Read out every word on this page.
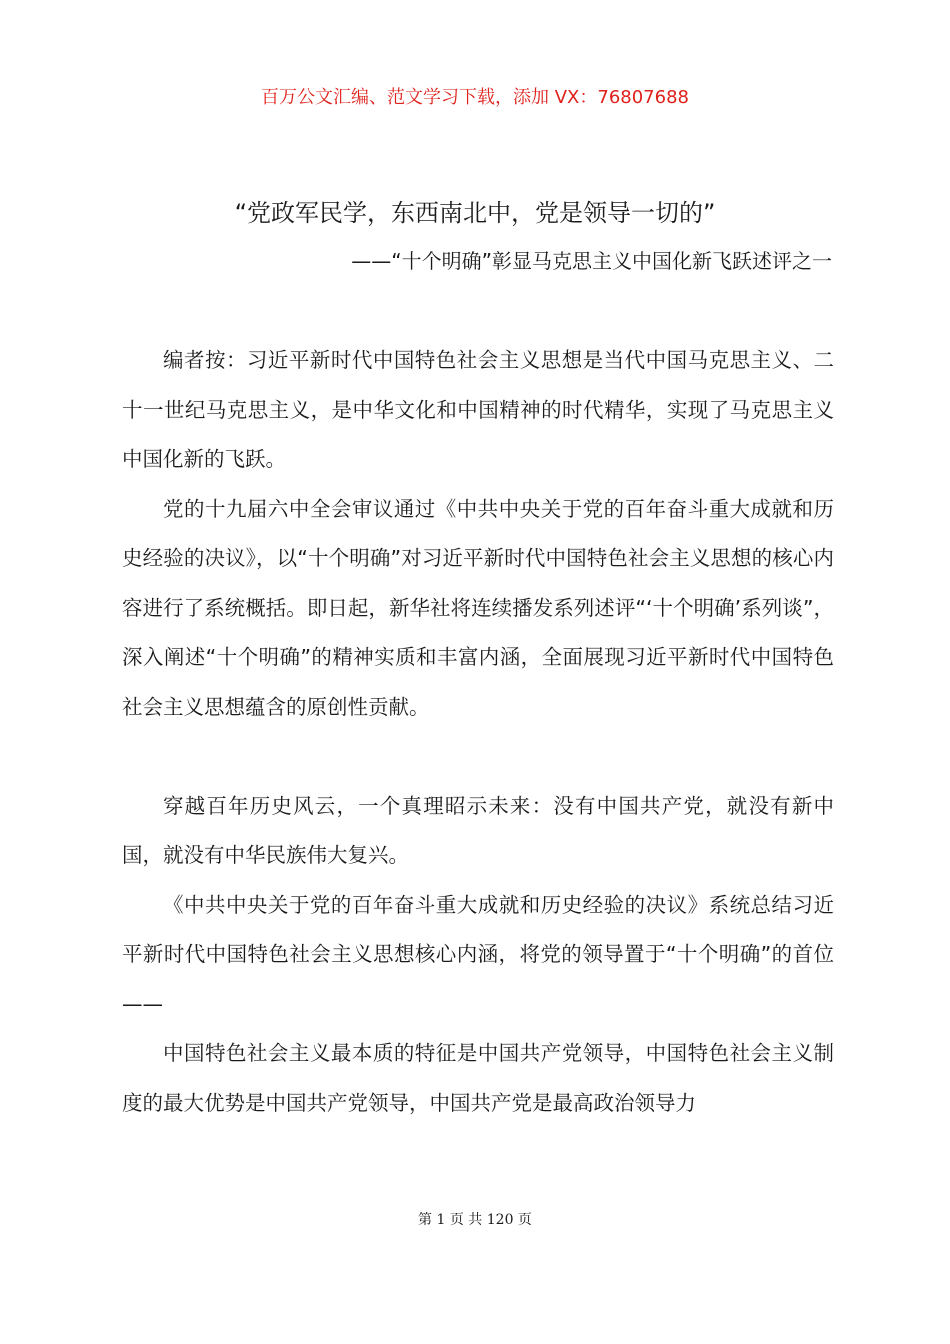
百万公文汇编、范文学习下载，添加 VX：76807688
“党政军民学，东西南北中，党是领导一切的”
——“十个明确”彰显马克思主义中国化新飞跃述评之一

编者按：习近平新时代中国特色社会主义思想是当代中国马克思主义、二十一世纪马克思主义，是中华文化和中国精神的时代精华，实现了马克思主义中国化新的飞跃。

党的十九届六中全会审议通过《中共中央关于党的百年奋斗重大成就和历史经验的决议》，以“十个明确”对习近平新时代中国特色社会主义思想的核心内容进行了系统概括。即日起，新华社将连续播发系列述评“‘十个明确’系列谈”，深入阐述“十个明确”的精神实质和丰富内涵，全面展现习近平新时代中国特色社会主义思想蕴含的原创性贡献。

穿越百年历史风云，一个真理昭示未来：没有中国共产党，就没有新中国，就没有中华民族伟大复兴。

《中共中央关于党的百年奋斗重大成就和历史经验的决议》系统总结习近平新时代中国特色社会主义思想核心内涵，将党的领导置于“十个明确”的首位——

中国特色社会主义最本质的特征是中国共产党领导，中国特色社会主义制度的最大优势是中国共产党领导，中国共产党是最高政治领导力

第 1 页 共 120 页
